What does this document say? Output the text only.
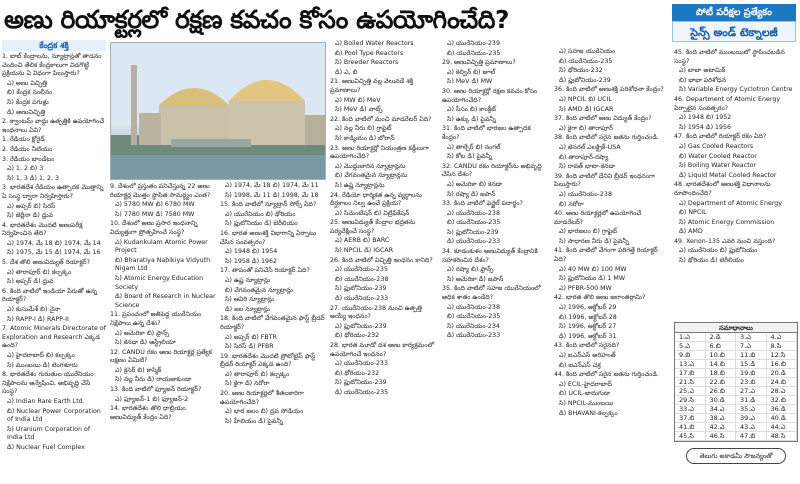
అణు రియాక్టర్లలో రక్షణ కవచం కోసం ఉపయోగించేది?	పోటీ పరీక్షల ప్రత్యేకం
సైన్స్ అండ్ టెక్నాలజీ
కేంద్రక శక్తి

1. బాబ్ కేంద్రాలను, న్యూట్రాన్లతో తాడనం చెందించి తేలిక కేంద్రకాలుగా విడగొట్టే ప్రక్రియను ఏ విధంగా పిలుస్తారు?

ఎ) అణు విచ్ఛిత్తి

బి) కేంద్రక సంలీనం

సి) కేంద్రక పగుళ్లు

డి) అణువిచ్ఛిత్తి

2. క్వాంటమ్ వాద్దు ఉత్పత్తికి ఉపయోగించే ఇంధనాలు ఏవి?

1. రేడియం క్లోరైడ్

2. రేడియం నీటియం

3. రేడియం బాండేటం

ఎ) 1, 2 బి) 3

సి) 1, 3 డి) 1, 2, 3

3. భారతదేశ రేడియం ఉత్పాదక మొత్తాన్ని ఏ సంస్థ ద్వారా నిర్వహిస్తారు?

ఎ) అప్సర్ బి) సిరస్

సి) జెర్లీనా డి) ధ్రువ

4. భారతదేశం మొదటి అణుపరీక్ష నిర్వహించిన తేది?

ఎ) 1974, మే 18 బి) 1974, మే 14

సి) 1975, మే 15 డి) 1974, మే 16

5. దేశ తొలి అణువిద్యుత్ రియాక్టర్?

ఎ) తారాపూర్ బి) కల్పక్కం

సి) అప్సర్ డి) ధ్రువ

6. కింది వాటిలో ఇండియా పేరుతో ఉన్న రియాక్టర్?

ఎ) కుసుమేశ్ బి) నైనా

సి) RAPP-I డి) RAPP-II

7. Atomic Minerals Directorate of Exploration and Research ఎక్కడ ఉంది?

ఎ) హైదరాబాద్ బి) కల్పక్కం

సి) ముంబయి డి) బెంగళూరు

8. భారతదేశం గురుతుల యురేనియం నిక్షేపాలను అన్వేషించి, అభివృద్ధి చేసే సంస్థ?

ఎ) Indian Rare Earth Ltd.

బి) Nuclear Power Corporation of India Ltd

సి) Uranium Corporation of India Ltd

డి) Nuclear Fuel Complex

9. దేశంలో ప్రస్తుతం పనిచేస్తున్న 22 అణు రియాక్టర్ల మొత్తం స్థాపిత సామర్థ్యం ఎంత?

ఎ) 5780 MW బి) 6780 MW

సి) 7780 MW డి) 7580 MW

10. దేశంలో అణు ప్రసార ఇంధనాన్ని విద్యుత్తుగా ప్రోత్సహించే సంస్థ?

ఎ) Kudankulam Atomic Power Project

బి) Bharatiya Nabikiya Vidyuth Nigam Ltd

సి) Atomic Energy Education Society

డి) Board of Research in Nuclear Science

11. ప్రపంచంలో అతిపెద్ద యురేనియం నిక్షేపాలు ఉన్న దేశం?

ఎ) అమెరికా బి) ఫ్రాన్స్

సి) కెనడా డి) ఆస్ట్రేలియా

12. CANDU రకం అణు రియాక్టర్ల ప్రత్యేక లక్షణం ఏమిటి?

ఎ) క్రెసెర్ బి) కాస్మిక్

సి) నల్ల నీరు డి) రాయజుకుండా

13. కింది వాటిలో ఫ్యూజన్ రియాక్టర్?

ఎ) ఫ్యూజన్-1 బి) ఫ్యూజన్-2

14. భారతదేశం తొలి ధాబ్రియం అణువిద్యుత్ కేంద్రం ఏది?

ఎ) 1974, మే 18 బి) 1974, మే 11

సి) 1998, మే 11 డి) 1998, మే 18

15. కింది వాటిలో న్యూట్రాన్ సోర్స్ ఏది?

ఎ) యురేనియం బి) థోరియం

సి) ప్లుటోనియం డి) బెరీలియం

16. భారత అణుశక్తి విభాగాన్ని ఏర్పాటు చేసిన సంవత్సరం?

ఎ) 1948 బి) 1954

సి) 1958 డి) 1962

17. తాపంతో పనిచేసే రియాక్టర్ ఏది?

ఎ) ఉష్ణ న్యూట్రాన్లు

బి) వేగవంతమైన న్యూట్రాన్లు

సి) ఆవిరి న్యూట్రాన్లు

డి) జల న్యూట్రాన్లు

18. కింది వాటిలో వేగవంతమైన ఫాస్ట్ బ్రీడర్ రియాక్టర్?

ఎ) అప్సర్ బి) FBTR

సి) సిరస్ డి) PFBR

19. భారతదేశం మొదటి ప్రోటోటైప్ ఫాస్ట్ బ్రీడర్ రియాక్టర్ ఎక్కడ ఉంది?

ఎ) తారాపూర్ బి) కల్పక్కం

సి) కైగా డి) నరోరా

20. అణు రియాక్టర్లలో శీతలకారిగా ఉపయోగించేది?

ఎ) భార జలం బి) ద్రవ సోడియం

సి) హీలియం డి) పైవన్నీ

ఎ) Boiled Water Reactors

బి) Pool Type Reactors

సి) Breeder Reactors

డి) ఎ, బి

21. అణువిచ్ఛిత్తి వల్ల వెలువడే శక్తి ప్రమాణాలు?

ఎ) MW బి) MeV

సి) MeV డి) వాట్స్

22. కింది వాటిలో మంచి మాడరేటర్ ఏది?

ఎ) నల్ల నీరు బి) గ్రాఫైట్

సి) కాడ్మియం డి) బోరాన్

23. అణు రియాక్టర్లో నియంత్రణ కడ్డీలుగా ఉపయోగించేది?

ఎ) మొద్దుబారిన న్యూట్రాన్లను

బి) వేగవంతమైన న్యూట్రాన్లను

సి) ఉష్ణ న్యూట్రాన్లను

24. రేడియో ధార్మికత ఉన్న వ్యర్థాలను దీర్ఘకాలం నిల్వ ఉంచే ప్రక్రియ?

ఎ) సిమెంటేషన్ బి) విట్రిఫికేషన్

25. అణువిద్యుత్ కేంద్రాల భద్రతను పర్యవేక్షించే సంస్థ?

ఎ) AERB బి) BARC

సి) NPCIL డి) IGCAR

26. కింది వాటిలో విచ్ఛిత్తి ఇంధనం కానిది?

ఎ) యురేనియం-235

బి) యురేనియం-238

సి) ప్లుటోనియం-239

డి) యురేనియం-233

27. యురేనియం-238 నుంచి ఉత్పత్తి అయ్యే ఇంధనం?

ఎ) ప్లుటోనియం-239

బి) థోరియం-232

28. భారత మూడో దశ అణు కార్యక్రమంలో ఉపయోగించే ఇంధనం?

ఎ) యురేనియం-233

బి) థోరియం-232

సి) ప్లుటోనియం-239

డి) యురేనియం-235

ఎ) యురేనియం-239

బి) యురేనియం-235

29. అణువిచ్ఛిత్తి ప్రమాణాలు?

ఎ) కెల్విన్ బి) జూల్

సి) MeV డి) MW

30. అణు రియాక్టర్లో రక్షణ కవచం కోసం ఉపయోగించేది?

ఎ) సీసం బి) కాంక్రీట్

సి) ఉక్కు డి) పైవన్నీ

31. కింది వాటిలో భారజల ఉత్పాదక కేంద్రం?

ఎ) తాల్చేర్ బి) నంగల్

సి) కోట డి) పైవన్నీ

32. CANDU రకం రియాక్టర్‌ను అభివృద్ధి చేసిన దేశం?

ఎ) అమెరికా బి) కెనడా

సి) రష్యా డి) జపాన్

33. కింది వాటిలో ఫెర్టైల్ పదార్థం?

ఎ) యురేనియం-238

బి) యురేనియం-235

సి) ప్లుటోనియం-239

డి) యురేనియం-233

34. కూడంకుళం అణువిద్యుత్ కేంద్రానికి సహకరించిన దేశం?

ఎ) రష్యా బి) ఫ్రాన్స్

సి) అమెరికా డి) జపాన్

35. కింది వాటిలో సహజ యురేనియంలో అధిక శాతం ఉండేది?

ఎ) యురేనియం-238

బి) యురేనియం-235

సి) యురేనియం-234

డి) యురేనియం-233

ఎ) సహజ యురేనియం

బి) యురేనియం-235

సి) థోరియం-232

డి) ప్లుటోనియం-239

36. కింది వాటిలో అణుశక్తి పరిశోధనా కేంద్రం?

ఎ) NPCIL బి) UCIL

సి) AMD డి) IGCAR

37. కింది వాటిలో అణు విద్యుత్ కేంద్రం?

ఎ) కైగా బి) తారాపూర్

38. కింది వాటిలో సరైన జతను గుర్తించండి.

ఎ) జెనరల్ ఎలక్ట్రిక్-USA

బి) తారాపూర్-రష్యా

సి) రావత్ భాటా-కెనడా

39. కింది వాటిలో దేనిని బ్రీడర్ ఇంధనంగా పిలుస్తారు?

ఎ) యురేనియం-238

బి) నరోరా

40. అణు రియాక్టర్లలో ఉపయోగించే మాడరేటర్?

ఎ) భారజలం బి) గ్రాఫైట్

సి) సాధారణ నీరు డి) పైవన్నీ

41. కింది వాటిలో వేగంగా పరిగెత్తే రియాక్టర్ ఏది?

ఎ) 40 MW బి) 100 MW

సి) ప్లుటోనియం డి) 1 MW

ఎ) PFBR-500 MW

42. భారత తొలి అణు జలాంతర్గామి?

ఎ) 1996, అక్టోబర్ 29

బి) 1996, అక్టోబర్ 28

సి) 1996, అక్టోబర్ 27

డి) 1996, అక్టోబర్ 31

43. కింది వాటిలో సరైనది?

ఎ) ఐఎన్ఎస్ అరిహంత్

బి) ఐఎన్ఎస్ చక్ర

44. కింది వాటిలో సరైన జతను గుర్తించండి.

ఎ) ECIL-హైదరాబాద్

బి) UCIL-జాదుగుడా

సి) NPCIL-ముంబయి

డి) BHAVANI-కల్పక్కం

45. కింది వాటిలో ముంబయిలో స్థాపించబడిన సంస్థ?

ఎ) బాబా అటామిక్

బి) భాభా పరిశోధన

సి) Variable Energy Cyclotron Centre

46. Department of Atomic Energy ఏర్పాటైన సంవత్సరం?

ఎ) 1948 బి) 1952

సి) 1954 డి) 1956

47. కింది వాటిలో రియాక్టర్ రకం ఏది?

ఎ) Gas Cooled Reactors

బి) Water Cooled Reactor

సి) Boiling Water Reactor

డి) Liquid Metal Cooled Reactor

48. భారతదేశంలో అణుశక్తి విధానాలను రూపొందించేది?

ఎ) Department of Atomic Energy

బి) NPCIL

సి) Atomic Energy Commission

డి) AMD

49. Xenon-135 ఎవరి నుంచి వస్తుంది?

ఎ) యురేనియం బి) ప్లుటోనియం

సి) థోరియం డి) బెరీలియం

సమాధానాలు
1.ఎ	2.డి	3.ఎ	4.ఎ
5.ఎ	6.బి	7.ఎ	8.సి
9.బి	10.బి	11.బి	12.సి
13.ఎ	14.బి	15.డి	16.బి
17.బి	18.బి	19.బి	20.డి
21.సి	22.బి	23.బి	24.బి
25.ఎ	26.బి	27.ఎ	28.ఎ
29.సి	30.డి	31.డి	32.బి
33.ఎ	34.ఎ	35.ఎ	36.డి
37.బి	38.ఎ	39.ఎ	40.డి
41.బి	42.ఎ	43.ఎ	44.ఎ
45.సి	46.సి	47.బి	48.సి
తెలుగు అకాడమీ సౌజన్యంతో
